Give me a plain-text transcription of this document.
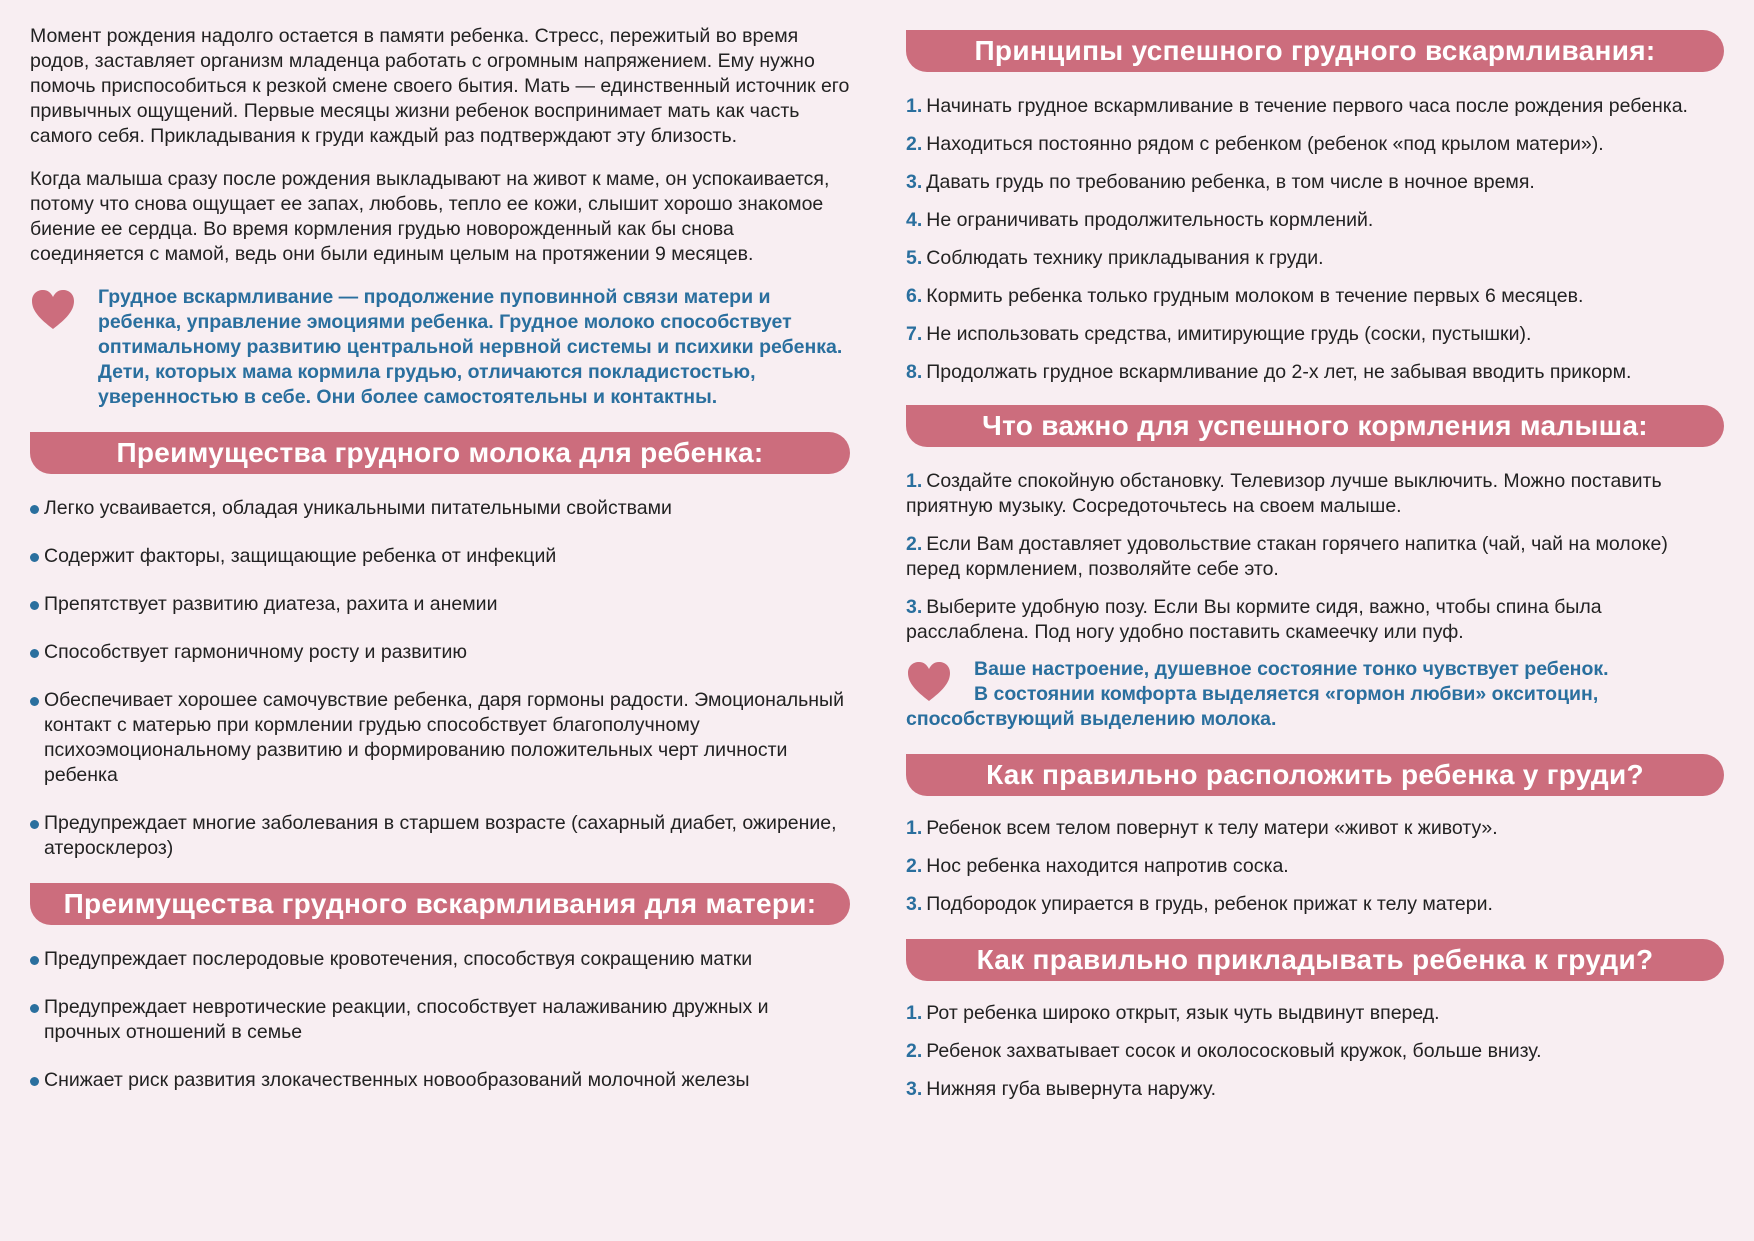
Момент рождения надолго остается в памяти ребенка. Стресс, пережитый во время родов, заставляет организм младенца работать с огромным напряжением. Ему нужно помочь приспособиться к резкой смене своего бытия. Мать — единственный источник его привычных ощущений. Первые месяцы жизни ребенок воспринимает мать как часть самого себя. Прикладывания к груди каждый раз подтверждают эту близость.

Когда малыша сразу после рождения выкладывают на живот к маме, он успокаивается, потому что снова ощущает ее запах, любовь, тепло ее кожи, слышит хорошо знакомое биение ее сердца. Во время кормления грудью новорожденный как бы снова соединяется с мамой, ведь они были единым целым на протяжении 9 месяцев.

Грудное вскармливание — продолжение пуповинной связи матери и ребенка, управление эмоциями ребенка. Грудное молоко способствует оптимальному развитию центральной нервной системы и психики ребенка. Дети, которых мама кормила грудью, отличаются покладистостью, уверенностью в себе. Они более самостоятельны и контактны.

Преимущества грудного молока для ребенка:
Легко усваивается, обладая уникальными питательными свойствами
Содержит факторы, защищающие ребенка от инфекций
Препятствует развитию диатеза, рахита и анемии
Способствует гармоничному росту и развитию
Обеспечивает хорошее самочувствие ребенка, даря гормоны радости. Эмоциональный контакт с матерью при кормлении грудью способствует благополучному психоэмоциональному развитию и формированию положительных черт личности ребенка
Предупреждает многие заболевания в старшем возрасте (сахарный диабет, ожирение, атеросклероз)
Преимущества грудного вскармливания для матери:
Предупреждает послеродовые кровотечения, способствуя сокращению матки
Предупреждает невротические реакции, способствует налаживанию дружных и прочных отношений в семье
Снижает риск развития злокачественных новообразований молочной железы
Принципы успешного грудного вскармливания:
1. Начинать грудное вскармливание в течение первого часа после рождения ребенка.
2. Находиться постоянно рядом с ребенком (ребенок «под крылом матери»).
3. Давать грудь по требованию ребенка, в том числе в ночное время.
4. Не ограничивать продолжительность кормлений.
5. Соблюдать технику прикладывания к груди.
6. Кормить ребенка только грудным молоком в течение первых 6 месяцев.
7. Не использовать средства, имитирующие грудь (соски, пустышки).
8. Продолжать грудное вскармливание до 2-х лет, не забывая вводить прикорм.
Что важно для успешного кормления малыша:
1. Создайте спокойную обстановку. Телевизор лучше выключить. Можно поставить приятную музыку. Сосредоточьтесь на своем малыше.
2. Если Вам доставляет удовольствие стакан горячего напитка (чай, чай на молоке) перед кормлением, позволяйте себе это.
3. Выберите удобную позу. Если Вы кормите сидя, важно, чтобы спина была расслаблена. Под ногу удобно поставить скамеечку или пуф.

Ваше настроение, душевное состояние тонко чувствует ребенок.

В состоянии комфорта выделяется «гормон любви» окситоцин,

способствующий выделению молока.

Как правильно расположить ребенка у груди?
1. Ребенок всем телом повернут к телу матери «живот к животу».
2. Нос ребенка находится напротив соска.
3. Подбородок упирается в грудь, ребенок прижат к телу матери.
Как правильно прикладывать ребенка к груди?
1. Рот ребенка широко открыт, язык чуть выдвинут вперед.
2. Ребенок захватывает сосок и околососковый кружок, больше внизу.
3. Нижняя губа вывернута наружу.
